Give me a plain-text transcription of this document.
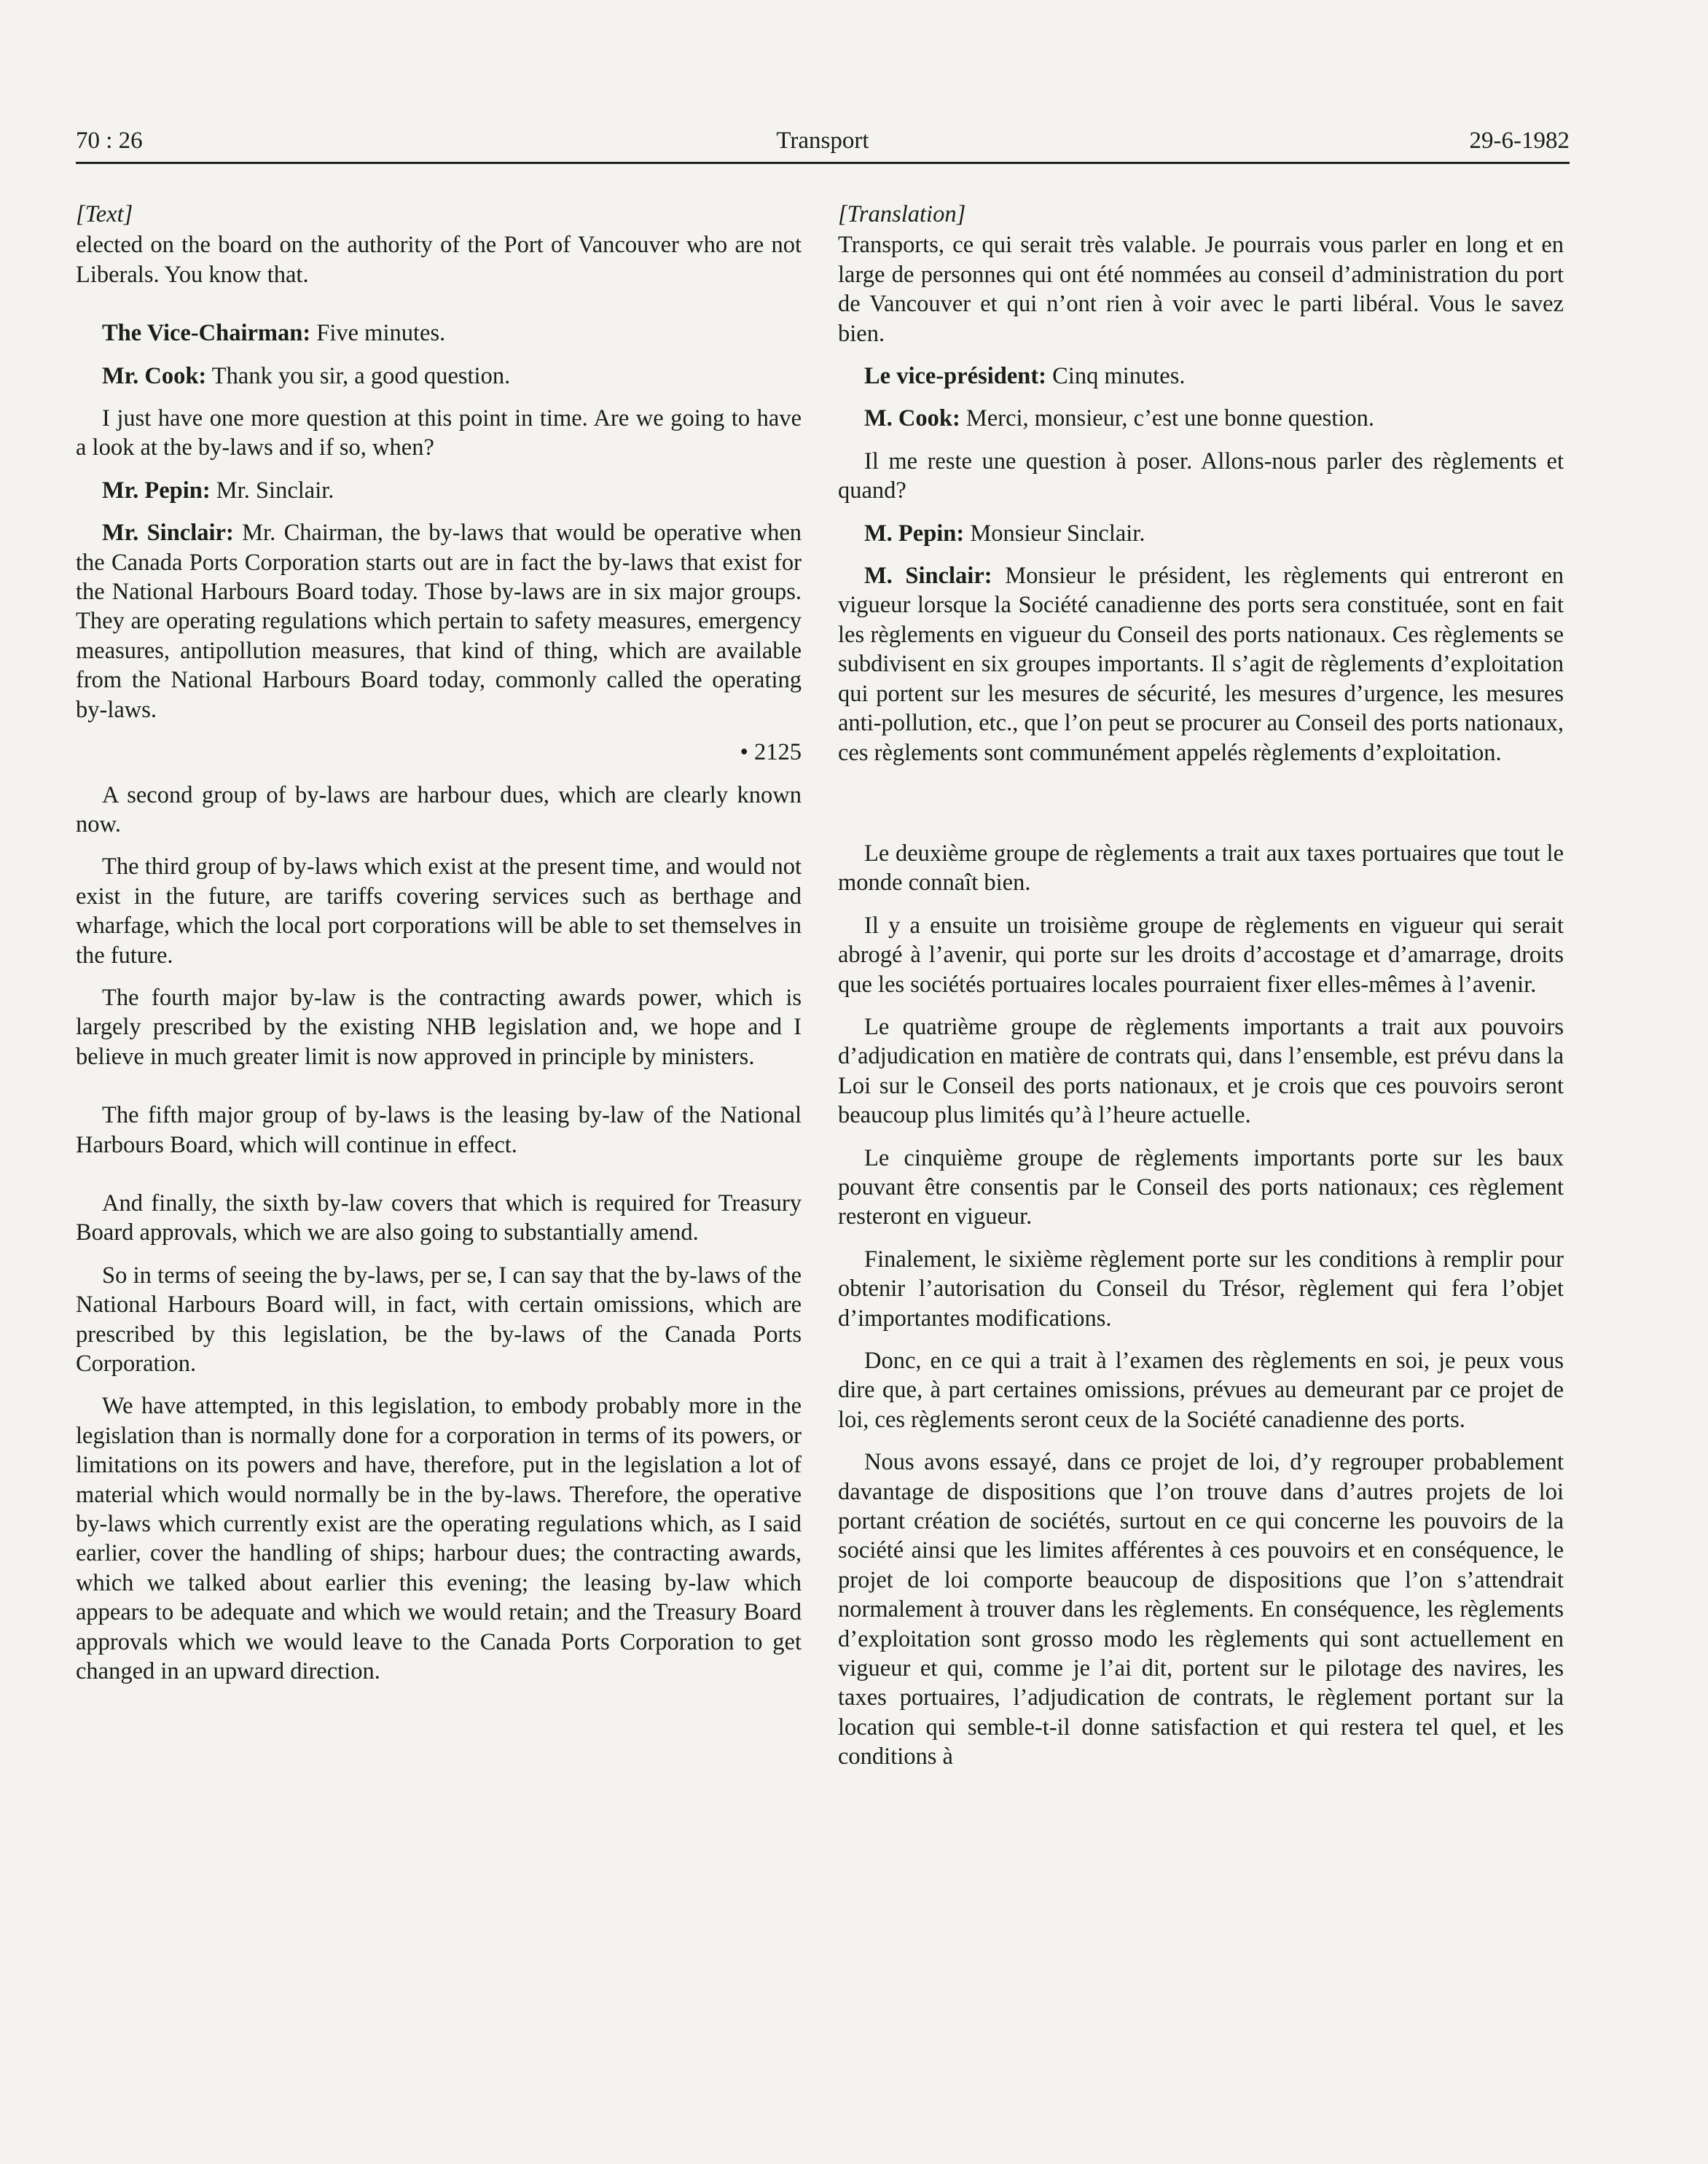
70 : 26	Transport	29-6-1982
[Text]

elected on the board on the authority of the Port of Vancouver who are not Liberals. You know that.

The Vice-Chairman: Five minutes.

Mr. Cook: Thank you sir, a good question.

I just have one more question at this point in time. Are we going to have a look at the by-laws and if so, when?

Mr. Pepin: Mr. Sinclair.

Mr. Sinclair: Mr. Chairman, the by-laws that would be operative when the Canada Ports Corporation starts out are in fact the by-laws that exist for the National Harbours Board today. Those by-laws are in six major groups. They are operating regulations which pertain to safety measures, emergency measures, antipollution measures, that kind of thing, which are available from the National Harbours Board today, commonly called the operating by-laws.

• 2125

A second group of by-laws are harbour dues, which are clearly known now.

The third group of by-laws which exist at the present time, and would not exist in the future, are tariffs covering services such as berthage and wharfage, which the local port corporations will be able to set themselves in the future.

The fourth major by-law is the contracting awards power, which is largely prescribed by the existing NHB legislation and, we hope and I believe in much greater limit is now approved in principle by ministers.

The fifth major group of by-laws is the leasing by-law of the National Harbours Board, which will continue in effect.

And finally, the sixth by-law covers that which is required for Treasury Board approvals, which we are also going to substantially amend.

So in terms of seeing the by-laws, per se, I can say that the by-laws of the National Harbours Board will, in fact, with certain omissions, which are prescribed by this legislation, be the by-laws of the Canada Ports Corporation.

We have attempted, in this legislation, to embody probably more in the legislation than is normally done for a corporation in terms of its powers, or limitations on its powers and have, therefore, put in the legislation a lot of material which would normally be in the by-laws. Therefore, the operative by-laws which currently exist are the operating regulations which, as I said earlier, cover the handling of ships; harbour dues; the contracting awards, which we talked about earlier this evening; the leasing by-law which appears to be adequate and which we would retain; and the Treasury Board approvals which we would leave to the Canada Ports Corporation to get changed in an upward direction.

[Translation]

Transports, ce qui serait très valable. Je pourrais vous parler en long et en large de personnes qui ont été nommées au conseil d’administration du port de Vancouver et qui n’ont rien à voir avec le parti libéral. Vous le savez bien.

Le vice-président: Cinq minutes.

M. Cook: Merci, monsieur, c’est une bonne question.

Il me reste une question à poser. Allons-nous parler des règlements et quand?

M. Pepin: Monsieur Sinclair.

M. Sinclair: Monsieur le président, les règlements qui entreront en vigueur lorsque la Société canadienne des ports sera constituée, sont en fait les règlements en vigueur du Conseil des ports nationaux. Ces règlements se subdivisent en six groupes importants. Il s’agit de règlements d’exploitation qui portent sur les mesures de sécurité, les mesures d’urgence, les mesures anti-pollution, etc., que l’on peut se procurer au Conseil des ports nationaux, ces règlements sont communément appelés règlements d’exploitation.

Le deuxième groupe de règlements a trait aux taxes portuaires que tout le monde connaît bien.

Il y a ensuite un troisième groupe de règlements en vigueur qui serait abrogé à l’avenir, qui porte sur les droits d’accostage et d’amarrage, droits que les sociétés portuaires locales pourraient fixer elles-mêmes à l’avenir.

Le quatrième groupe de règlements importants a trait aux pouvoirs d’adjudication en matière de contrats qui, dans l’ensemble, est prévu dans la Loi sur le Conseil des ports nationaux, et je crois que ces pouvoirs seront beaucoup plus limités qu’à l’heure actuelle.

Le cinquième groupe de règlements importants porte sur les baux pouvant être consentis par le Conseil des ports nationaux; ces règlement resteront en vigueur.

Finalement, le sixième règlement porte sur les conditions à remplir pour obtenir l’autorisation du Conseil du Trésor, règlement qui fera l’objet d’importantes modifications.

Donc, en ce qui a trait à l’examen des règlements en soi, je peux vous dire que, à part certaines omissions, prévues au demeurant par ce projet de loi, ces règlements seront ceux de la Société canadienne des ports.

Nous avons essayé, dans ce projet de loi, d’y regrouper probablement davantage de dispositions que l’on trouve dans d’autres projets de loi portant création de sociétés, surtout en ce qui concerne les pouvoirs de la société ainsi que les limites afférentes à ces pouvoirs et en conséquence, le projet de loi comporte beaucoup de dispositions que l’on s’attendrait normalement à trouver dans les règlements. En conséquence, les règlements d’exploitation sont grosso modo les règlements qui sont actuellement en vigueur et qui, comme je l’ai dit, portent sur le pilotage des navires, les taxes portuaires, l’adjudication de contrats, le règlement portant sur la location qui semble-t-il donne satisfaction et qui restera tel quel, et les conditions à
